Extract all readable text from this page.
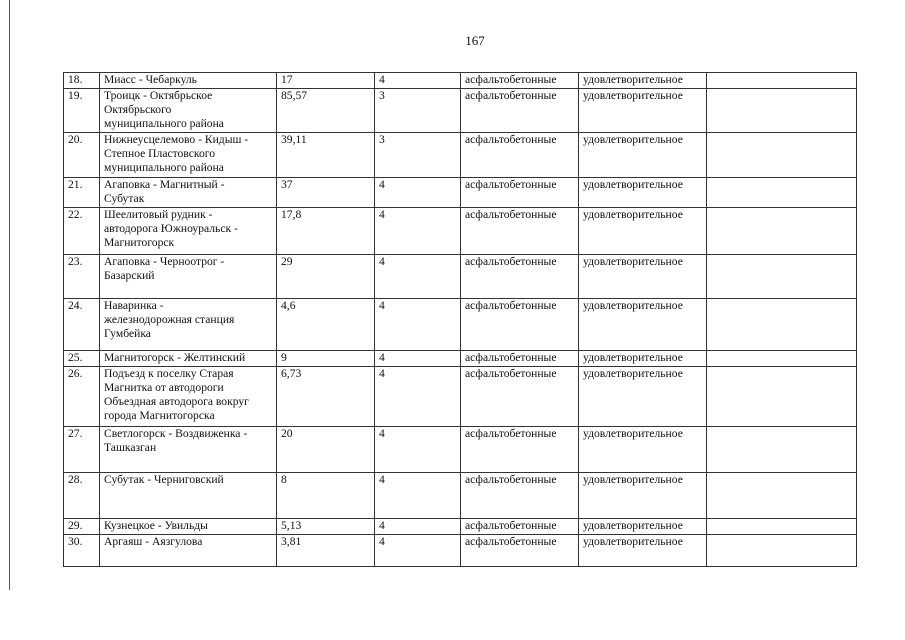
167
18.	Миасс - Чебаркуль	17	4	асфальтобетонные	удовлетворительное	
19.	Троицк - Октябрьское
Октябрьского
муниципального района	85,57	3	асфальтобетонные	удовлетворительное	
20.	Нижнеусцелемово - Кидыш -
Степное Пластовского
муниципального района	39,11	3	асфальтобетонные	удовлетворительное	
21.	Агаповка - Магнитный -
Субутак	37	4	асфальтобетонные	удовлетворительное	
22.	Шеелитовый рудник -
автодорога Южноуральск -
Магнитогорск	17,8	4	асфальтобетонные	удовлетворительное	
23.	Агаповка - Черноотрог -
Базарский	29	4	асфальтобетонные	удовлетворительное	
24.	Наваринка -
железнодорожная станция
Гумбейка	4,6	4	асфальтобетонные	удовлетворительное	
25.	Магнитогорск - Желтинский	9	4	асфальтобетонные	удовлетворительное	
26.	Подъезд к поселку Старая
Магнитка от автодороги
Объездная автодорога вокруг
города Магнитогорска	6,73	4	асфальтобетонные	удовлетворительное	
27.	Светлогорск - Воздвиженка -
Ташказган	20	4	асфальтобетонные	удовлетворительное	
28.	Субутак - Черниговский	8	4	асфальтобетонные	удовлетворительное	
29.	Кузнецкое - Увильды	5,13	4	асфальтобетонные	удовлетворительное	
30.	Аргаяш - Аязгулова	3,81	4	асфальтобетонные	удовлетворительное	
